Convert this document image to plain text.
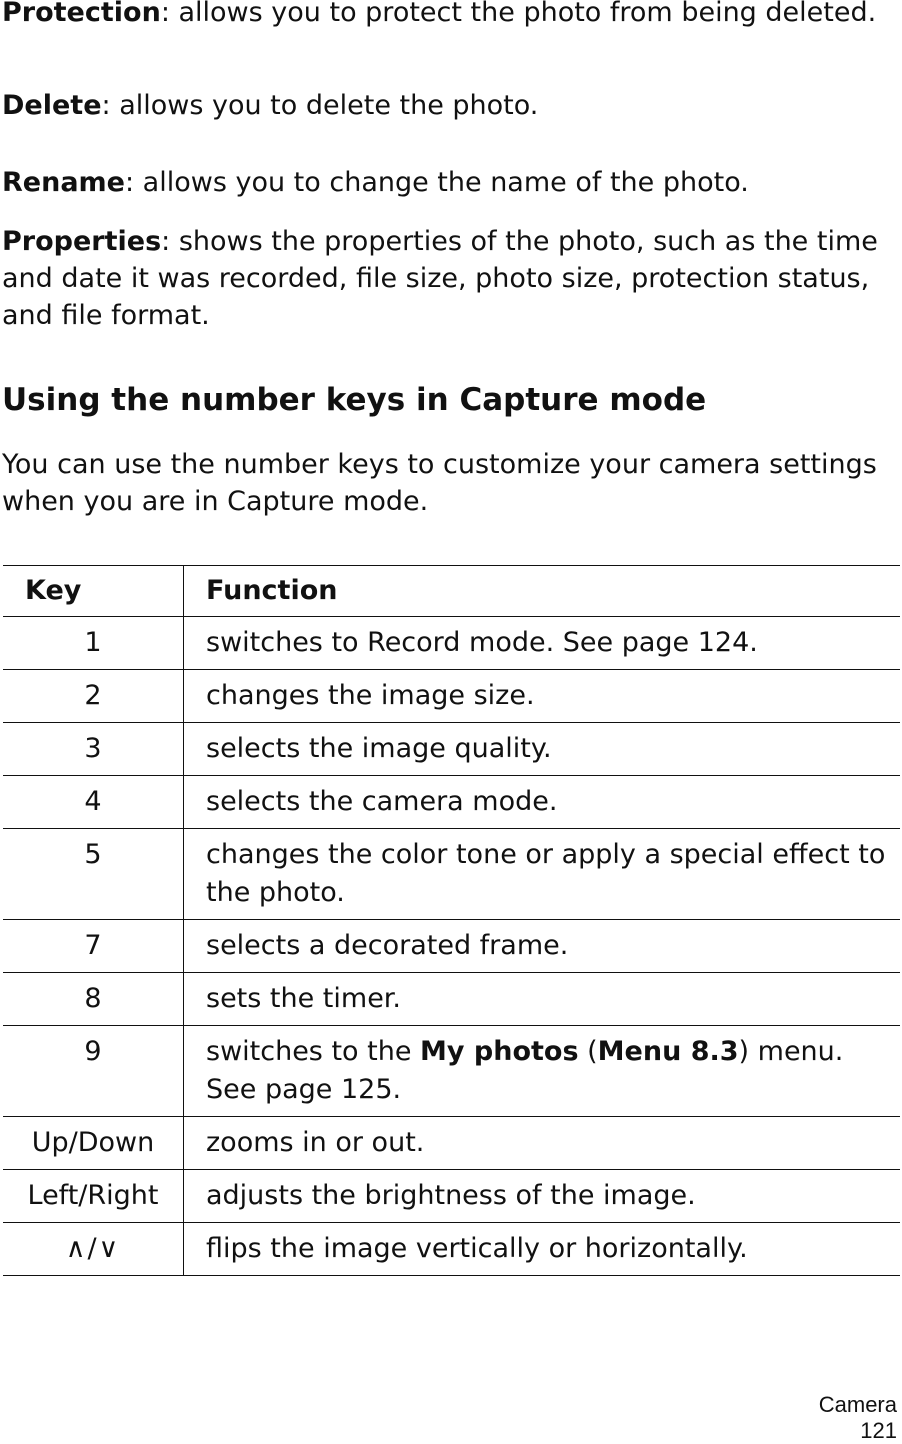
Protection: allows you to protect the photo from being deleted.

Delete: allows you to delete the photo.

Rename: allows you to change the name of the photo.

Properties: shows the properties of the photo, such as the time and date it was recorded, file size, photo size, protection status, and file format.

Using the number keys in Capture mode

You can use the number keys to customize your camera settings when you are in Capture mode.

Key	Function
1	switches to Record mode. See page 124.
2	changes the image size.
3	selects the image quality.
4	selects the camera mode.
5	changes the color tone or apply a special effect to the photo.
7	selects a decorated frame.
8	sets the timer.
9	switches to the My photos (Menu 8.3) menu. See page 125.
Up/Down	zooms in or out.
Left/Right	adjusts the brightness of the image.
∧/∨	flips the image vertically or horizontally.
Camera
121
